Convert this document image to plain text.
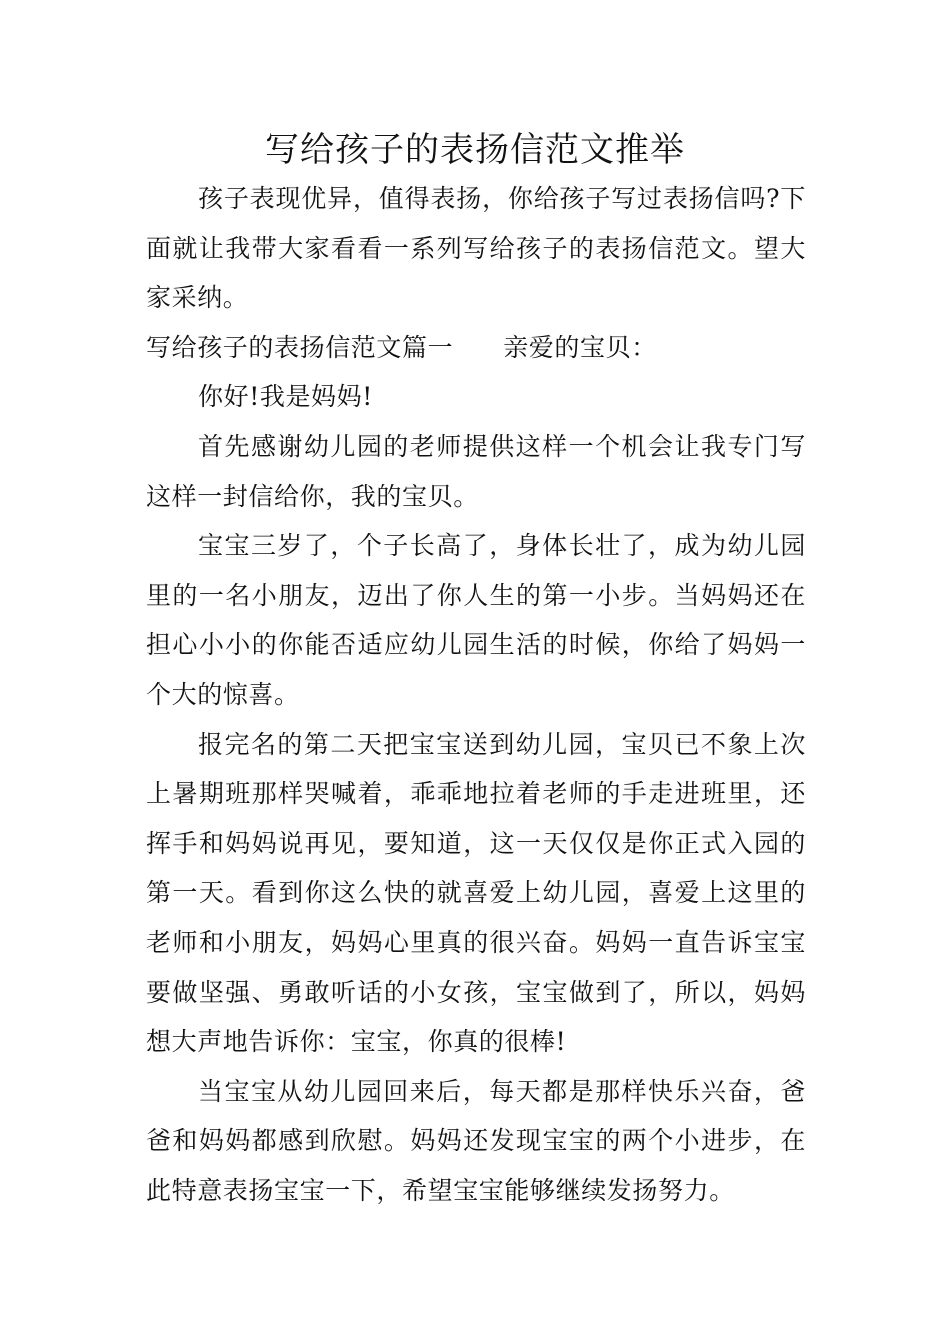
写给孩子的表扬信范文推举

孩子表现优异，值得表扬，你给孩子写过表扬信吗?下面就让我带大家看看一系列写给孩子的表扬信范文。望大家采纳。

写给孩子的表扬信范文篇一 亲爱的宝贝：

你好!我是妈妈!

首先感谢幼儿园的老师提供这样一个机会让我专门写这样一封信给你，我的宝贝。

宝宝三岁了，个子长高了，身体长壮了，成为幼儿园里的一名小朋友，迈出了你人生的第一小步。当妈妈还在担心小小的你能否适应幼儿园生活的时候，你给了妈妈一个大的惊喜。

报完名的第二天把宝宝送到幼儿园，宝贝已不象上次上暑期班那样哭喊着，乖乖地拉着老师的手走进班里，还挥手和妈妈说再见，要知道，这一天仅仅是你正式入园的第一天。看到你这么快的就喜爱上幼儿园，喜爱上这里的老师和小朋友，妈妈心里真的很兴奋。妈妈一直告诉宝宝要做坚强、勇敢听话的小女孩，宝宝做到了，所以，妈妈想大声地告诉你：宝宝，你真的很棒!

当宝宝从幼儿园回来后，每天都是那样快乐兴奋，爸爸和妈妈都感到欣慰。妈妈还发现宝宝的两个小进步，在此特意表扬宝宝一下，希望宝宝能够继续发扬努力。
